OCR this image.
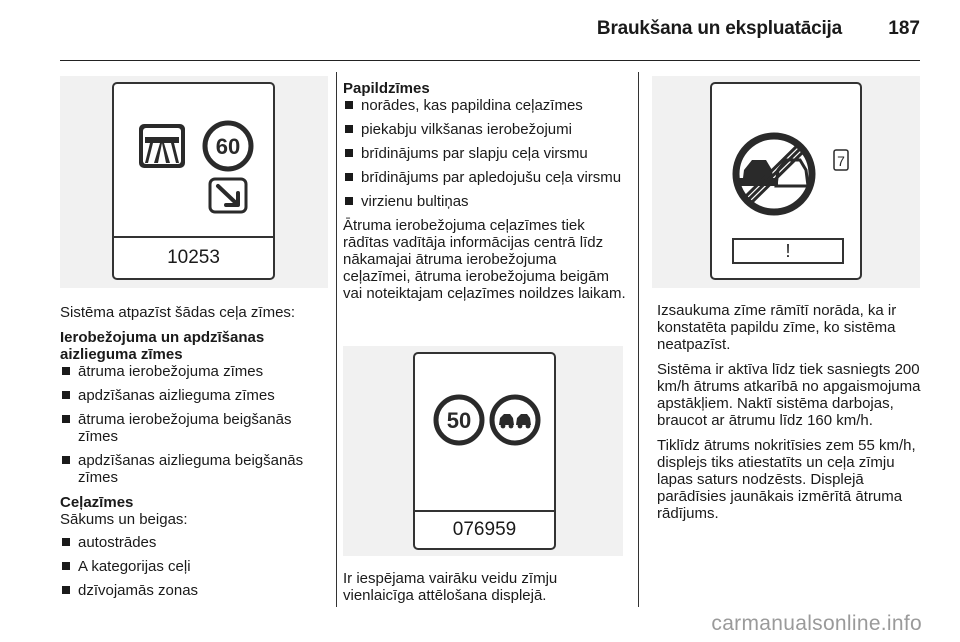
Braukšana un ekspluatācija 187
60
10253

Sistēma atpazīst šādas ceļa zīmes:

Ierobežojuma un apdzīšanas aizlieguma zīmes

ātruma ierobežojuma zīmes
apdzīšanas aizlieguma zīmes
ātruma ierobežojuma beigšanās zīmes
apdzīšanas aizlieguma beigšanās zīmes

Ceļazīmes

Sākums un beigas:

autostrādes
A kategorijas ceļi
dzīvojamās zonas

Papildzīmes

norādes, kas papildina ceļazīmes
piekabju vilkšanas ierobežojumi
brīdinājums par slapju ceļa virsmu
brīdinājums par apledojušu ceļa virsmu
virzienu bultiņas

Ātruma ierobežojuma ceļazīmes tiek rādītas vadītāja informācijas centrā līdz nākamajai ātruma ierobežojuma ceļazīmei, ātruma ierobežojuma beigām vai noteiktajam ceļazīmes noildzes laikam.

50
076959

Ir iespējama vairāku veidu zīmju vienlaicīga attēlošana displejā.

7
!

Izsaukuma zīme rāmītī norāda, ka ir konstatēta papildu zīme, ko sistēma neatpazīst.

Sistēma ir aktīva līdz tiek sasniegts 200 km/h ātrums atkarībā no apgaismojuma apstākļiem. Naktī sistēma darbojas, braucot ar ātrumu līdz 160 km/h.

Tiklīdz ātrums nokritīsies zem 55 km/h, displejs tiks atiestatīts un ceļa zīmju lapas saturs nodzēsts. Displejā parādīsies jaunākais izmērītā ātruma rādījums.

carmanualsonline.info
